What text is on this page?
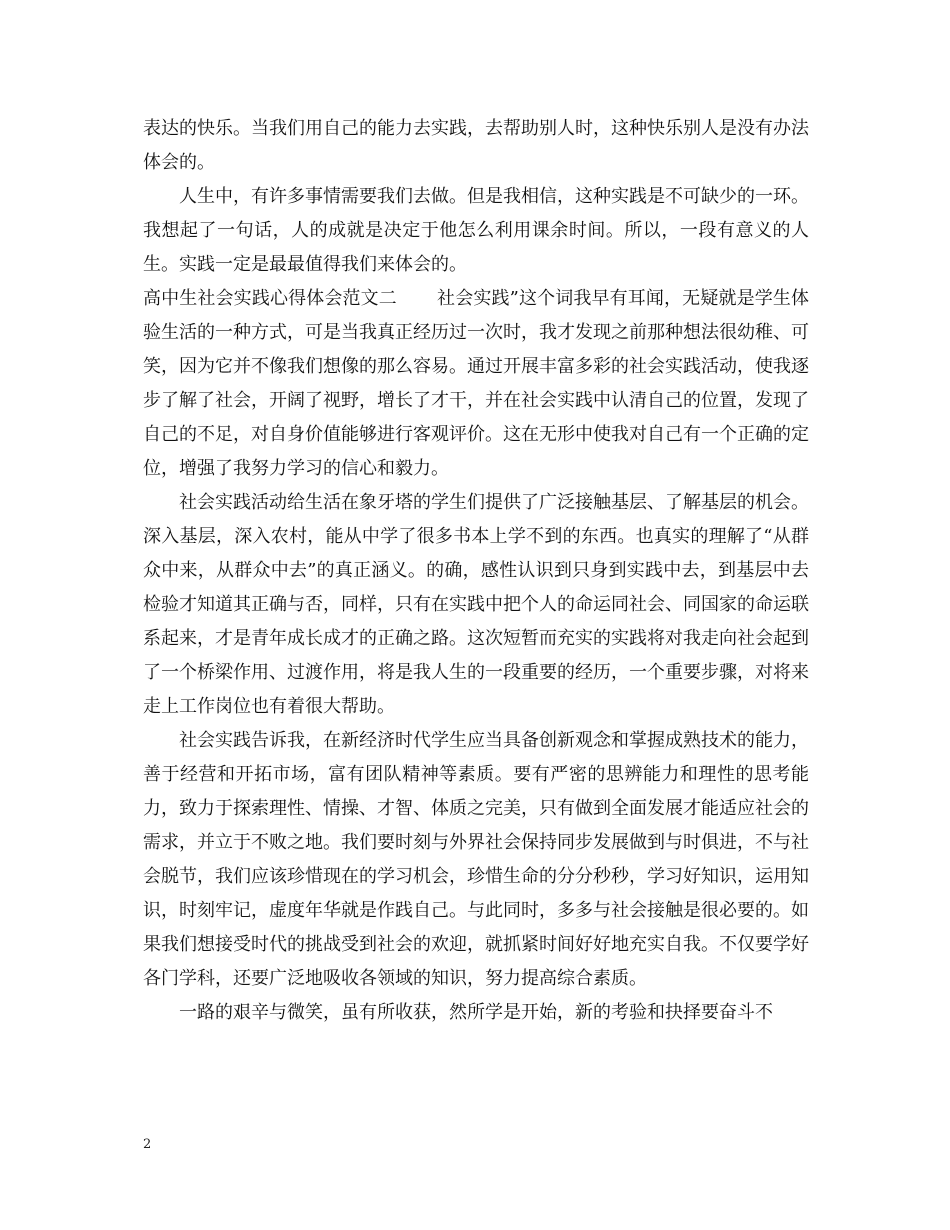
表达的快乐。当我们用自己的能力去实践，去帮助别人时，这种快乐别人是没有办法体会的。

人生中，有许多事情需要我们去做。但是我相信，这种实践是不可缺少的一环。我想起了一句话，人的成就是决定于他怎么利用课余时间。所以，一段有意义的人生。实践一定是最最值得我们来体会的。

高中生社会实践心得体会范文二 社会实践”这个词我早有耳闻，无疑就是学生体验生活的一种方式，可是当我真正经历过一次时，我才发现之前那种想法很幼稚、可笑，因为它并不像我们想像的那么容易。通过开展丰富多彩的社会实践活动，使我逐步了解了社会，开阔了视野，增长了才干，并在社会实践中认清自己的位置，发现了自己的不足，对自身价值能够进行客观评价。这在无形中使我对自己有一个正确的定位，增强了我努力学习的信心和毅力。

社会实践活动给生活在象牙塔的学生们提供了广泛接触基层、了解基层的机会。深入基层，深入农村，能从中学了很多书本上学不到的东西。也真实的理解了“从群众中来，从群众中去”的真正涵义。的确，感性认识到只身到实践中去，到基层中去检验才知道其正确与否，同样，只有在实践中把个人的命运同社会、同国家的命运联系起来，才是青年成长成才的正确之路。这次短暂而充实的实践将对我走向社会起到了一个桥梁作用、过渡作用，将是我人生的一段重要的经历，一个重要步骤，对将来走上工作岗位也有着很大帮助。

社会实践告诉我，在新经济时代学生应当具备创新观念和掌握成熟技术的能力，善于经营和开拓市场，富有团队精神等素质。要有严密的思辨能力和理性的思考能力，致力于探索理性、情操、才智、体质之完美，只有做到全面发展才能适应社会的需求，并立于不败之地。我们要时刻与外界社会保持同步发展做到与时俱进，不与社会脱节，我们应该珍惜现在的学习机会，珍惜生命的分分秒秒，学习好知识，运用知识，时刻牢记，虚度年华就是作践自己。与此同时，多多与社会接触是很必要的。如果我们想接受时代的挑战受到社会的欢迎，就抓紧时间好好地充实自我。不仅要学好各门学科，还要广泛地吸收各领域的知识，努力提高综合素质。

一路的艰辛与微笑，虽有所收获，然所学是开始，新的考验和抉择要奋斗不

2
